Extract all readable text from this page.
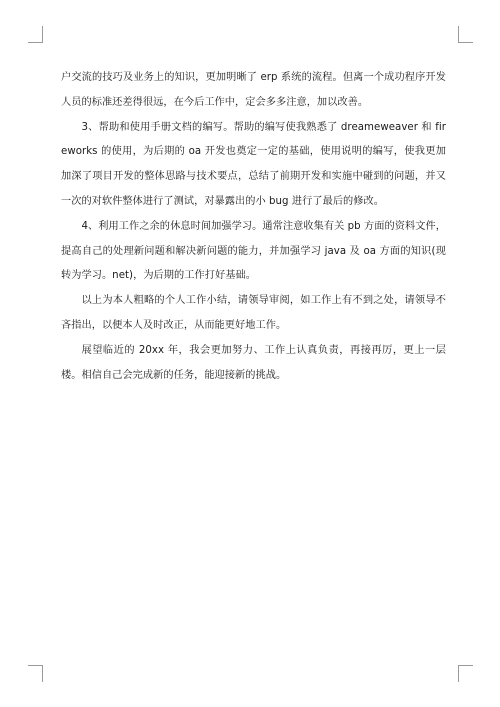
户交流的技巧及业务上的知识，更加明晰了 erp 系统的流程。但离一个成功程序开发人员的标准还差得很远，在今后工作中，定会多多注意，加以改善。

3、帮助和使用手册文档的编写。帮助的编写使我熟悉了 dreameweaver 和 fireworks 的使用，为后期的 oa 开发也奠定一定的基础，使用说明的编写，使我更加加深了项目开发的整体思路与技术要点，总结了前期开发和实施中碰到的问题，并又一次的对软件整体进行了测试，对暴露出的小 bug 进行了最后的修改。

4、利用工作之余的休息时间加强学习。通常注意收集有关 pb 方面的资料文件，提高自己的处理新问题和解决新问题的能力，并加强学习 java 及 oa 方面的知识(现转为学习。net)，为后期的工作打好基础。

以上为本人粗略的个人工作小结，请领导审阅，如工作上有不到之处，请领导不吝指出，以便本人及时改正，从而能更好地工作。

展望临近的 20xx 年，我会更加努力、工作上认真负责，再接再厉，更上一层楼。相信自己会完成新的任务，能迎接新的挑战。
